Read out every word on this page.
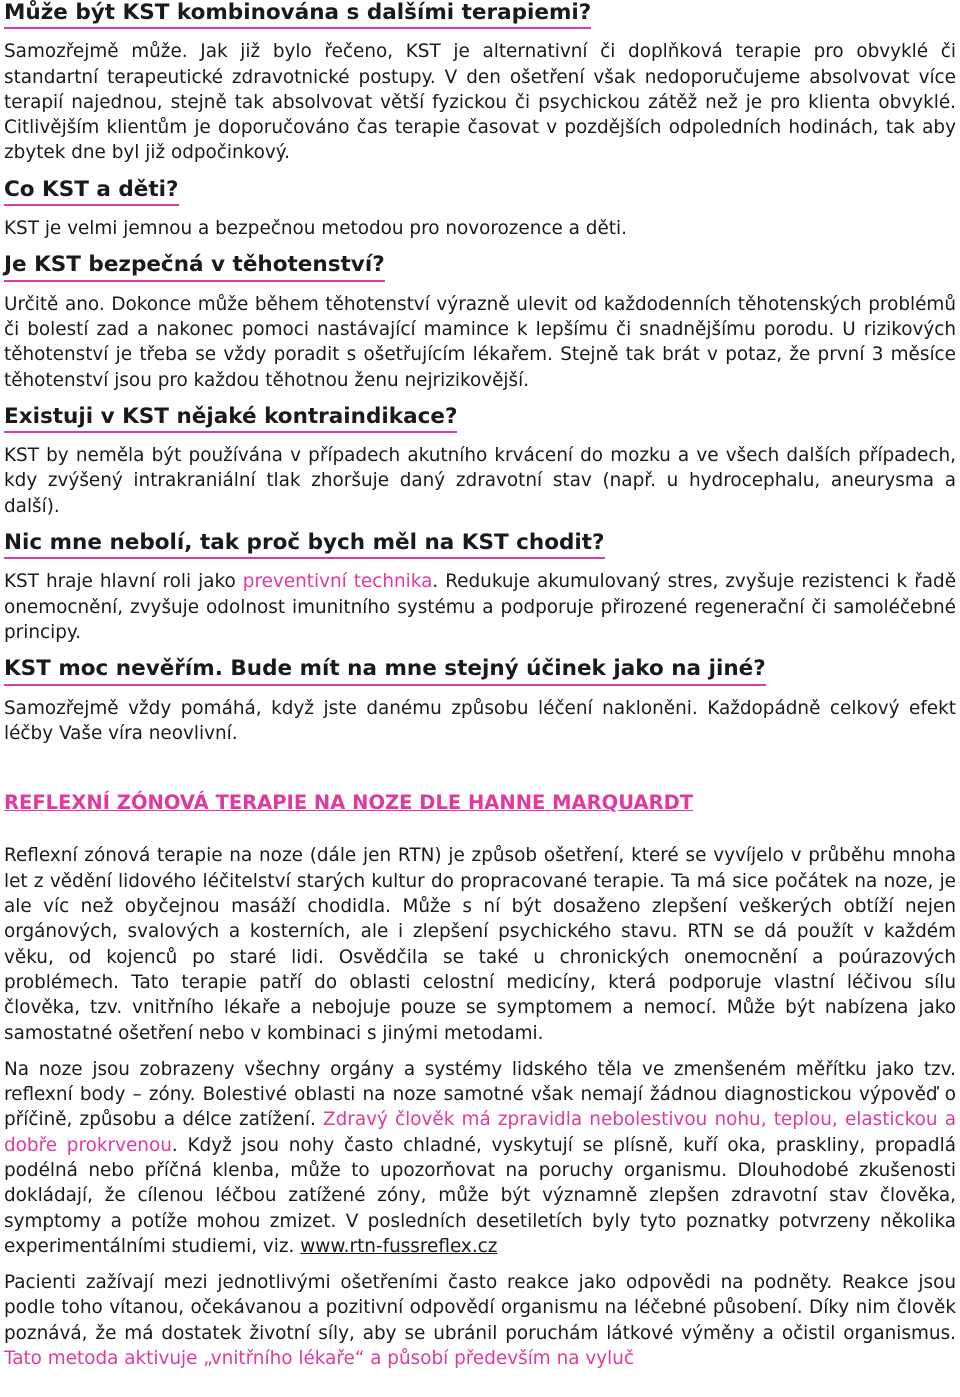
Může být KST kombinována s dalšími terapiemi?

Samozřejmě může. Jak již bylo řečeno, KST je alternativní či doplňková terapie pro obvyklé či standartní terapeutické zdravotnické postupy. V den ošetření však nedoporučujeme absolvovat více terapií najednou, stejně tak absolvovat větší fyzickou či psychickou zátěž než je pro klienta obvyklé. Citlivějším klientům je doporučováno čas terapie časovat v pozdějších odpoledních hodinách, tak aby zbytek dne byl již odpočinkový.

Co KST a děti?

KST je velmi jemnou a bezpečnou metodou pro novorozence a děti.

Je KST bezpečná v těhotenství?

Určitě ano. Dokonce může během těhotenství výrazně ulevit od každodenních těhotenských problémů či bolestí zad a nakonec pomoci nastávající mamince k lepšímu či snadnějšímu porodu. U rizikových těhotenství je třeba se vždy poradit s ošetřujícím lékařem. Stejně tak brát v potaz, že první 3 měsíce těhotenství jsou pro každou těhotnou ženu nejrizikovější.

Existuji v KST nějaké kontraindikace?

KST by neměla být používána v případech akutního krvácení do mozku a ve všech dalších případech, kdy zvýšený intrakraniální tlak zhoršuje daný zdravotní stav (např. u hydrocephalu, aneurysma a další).

Nic mne nebolí, tak proč bych měl na KST chodit?

KST hraje hlavní roli jako preventivní technika. Redukuje akumulovaný stres, zvyšuje rezistenci k řadě onemocnění, zvyšuje odolnost imunitního systému a podporuje přirozené regenerační či samoléčebné principy.

KST moc nevěřím. Bude mít na mne stejný účinek jako na jiné?

Samozřejmě vždy pomáhá, když jste danému způsobu léčení nakloněni. Každopádně celkový efekt léčby Vaše víra neovlivní.

REFLEXNÍ ZÓNOVÁ TERAPIE NA NOZE DLE HANNE MARQUARDT

Reflexní zónová terapie na noze (dále jen RTN) je způsob ošetření, které se vyvíjelo v průběhu mnoha let z vědění lidového léčitelství starých kultur do propracované terapie. Ta má sice počátek na noze, je ale víc než obyčejnou masáží chodidla. Může s ní být dosaženo zlepšení veškerých obtíží nejen orgánových, svalových a kosterních, ale i zlepšení psychického stavu. RTN se dá použít v každém věku, od kojenců po staré lidi. Osvědčila se také u chronických onemocnění a poúrazových problémech. Tato terapie patří do oblasti celostní medicíny, která podporuje vlastní léčivou sílu člověka, tzv. vnitřního lékaře a nebojuje pouze se symptomem a nemocí. Může být nabízena jako samostatné ošetření nebo v kombinaci s jinými metodami.

Na noze jsou zobrazeny všechny orgány a systémy lidského těla ve zmenšeném měřítku jako tzv. reflexní body – zóny. Bolestivé oblasti na noze samotné však nemají žádnou diagnostickou výpověď o příčině, způsobu a délce zatížení. Zdravý člověk má zpravidla nebolestivou nohu, teplou, elastickou a dobře prokrvenou. Když jsou nohy často chladné, vyskytují se plísně, kuří oka, praskliny, propadlá podélná nebo příčná klenba, může to upozorňovat na poruchy organismu. Dlouhodobé zkušenosti dokládají, že cílenou léčbou zatížené zóny, může být významně zlepšen zdravotní stav člověka, symptomy a potíže mohou zmizet. V posledních desetiletích byly tyto poznatky potvrzeny několika experimentálními studiemi, viz. www.rtn-fussreflex.cz

Pacienti zažívají mezi jednotlivými ošetřeními často reakce jako odpovědi na podněty. Reakce jsou podle toho vítanou, očekávanou a pozitivní odpovědí organismu na léčebné působení. Díky nim člověk poznává, že má dostatek životní síly, aby se ubránil poruchám látkové výměny a očistil organismus. Tato metoda aktivuje „vnitřního lékaře“ a působí především na vyluč
